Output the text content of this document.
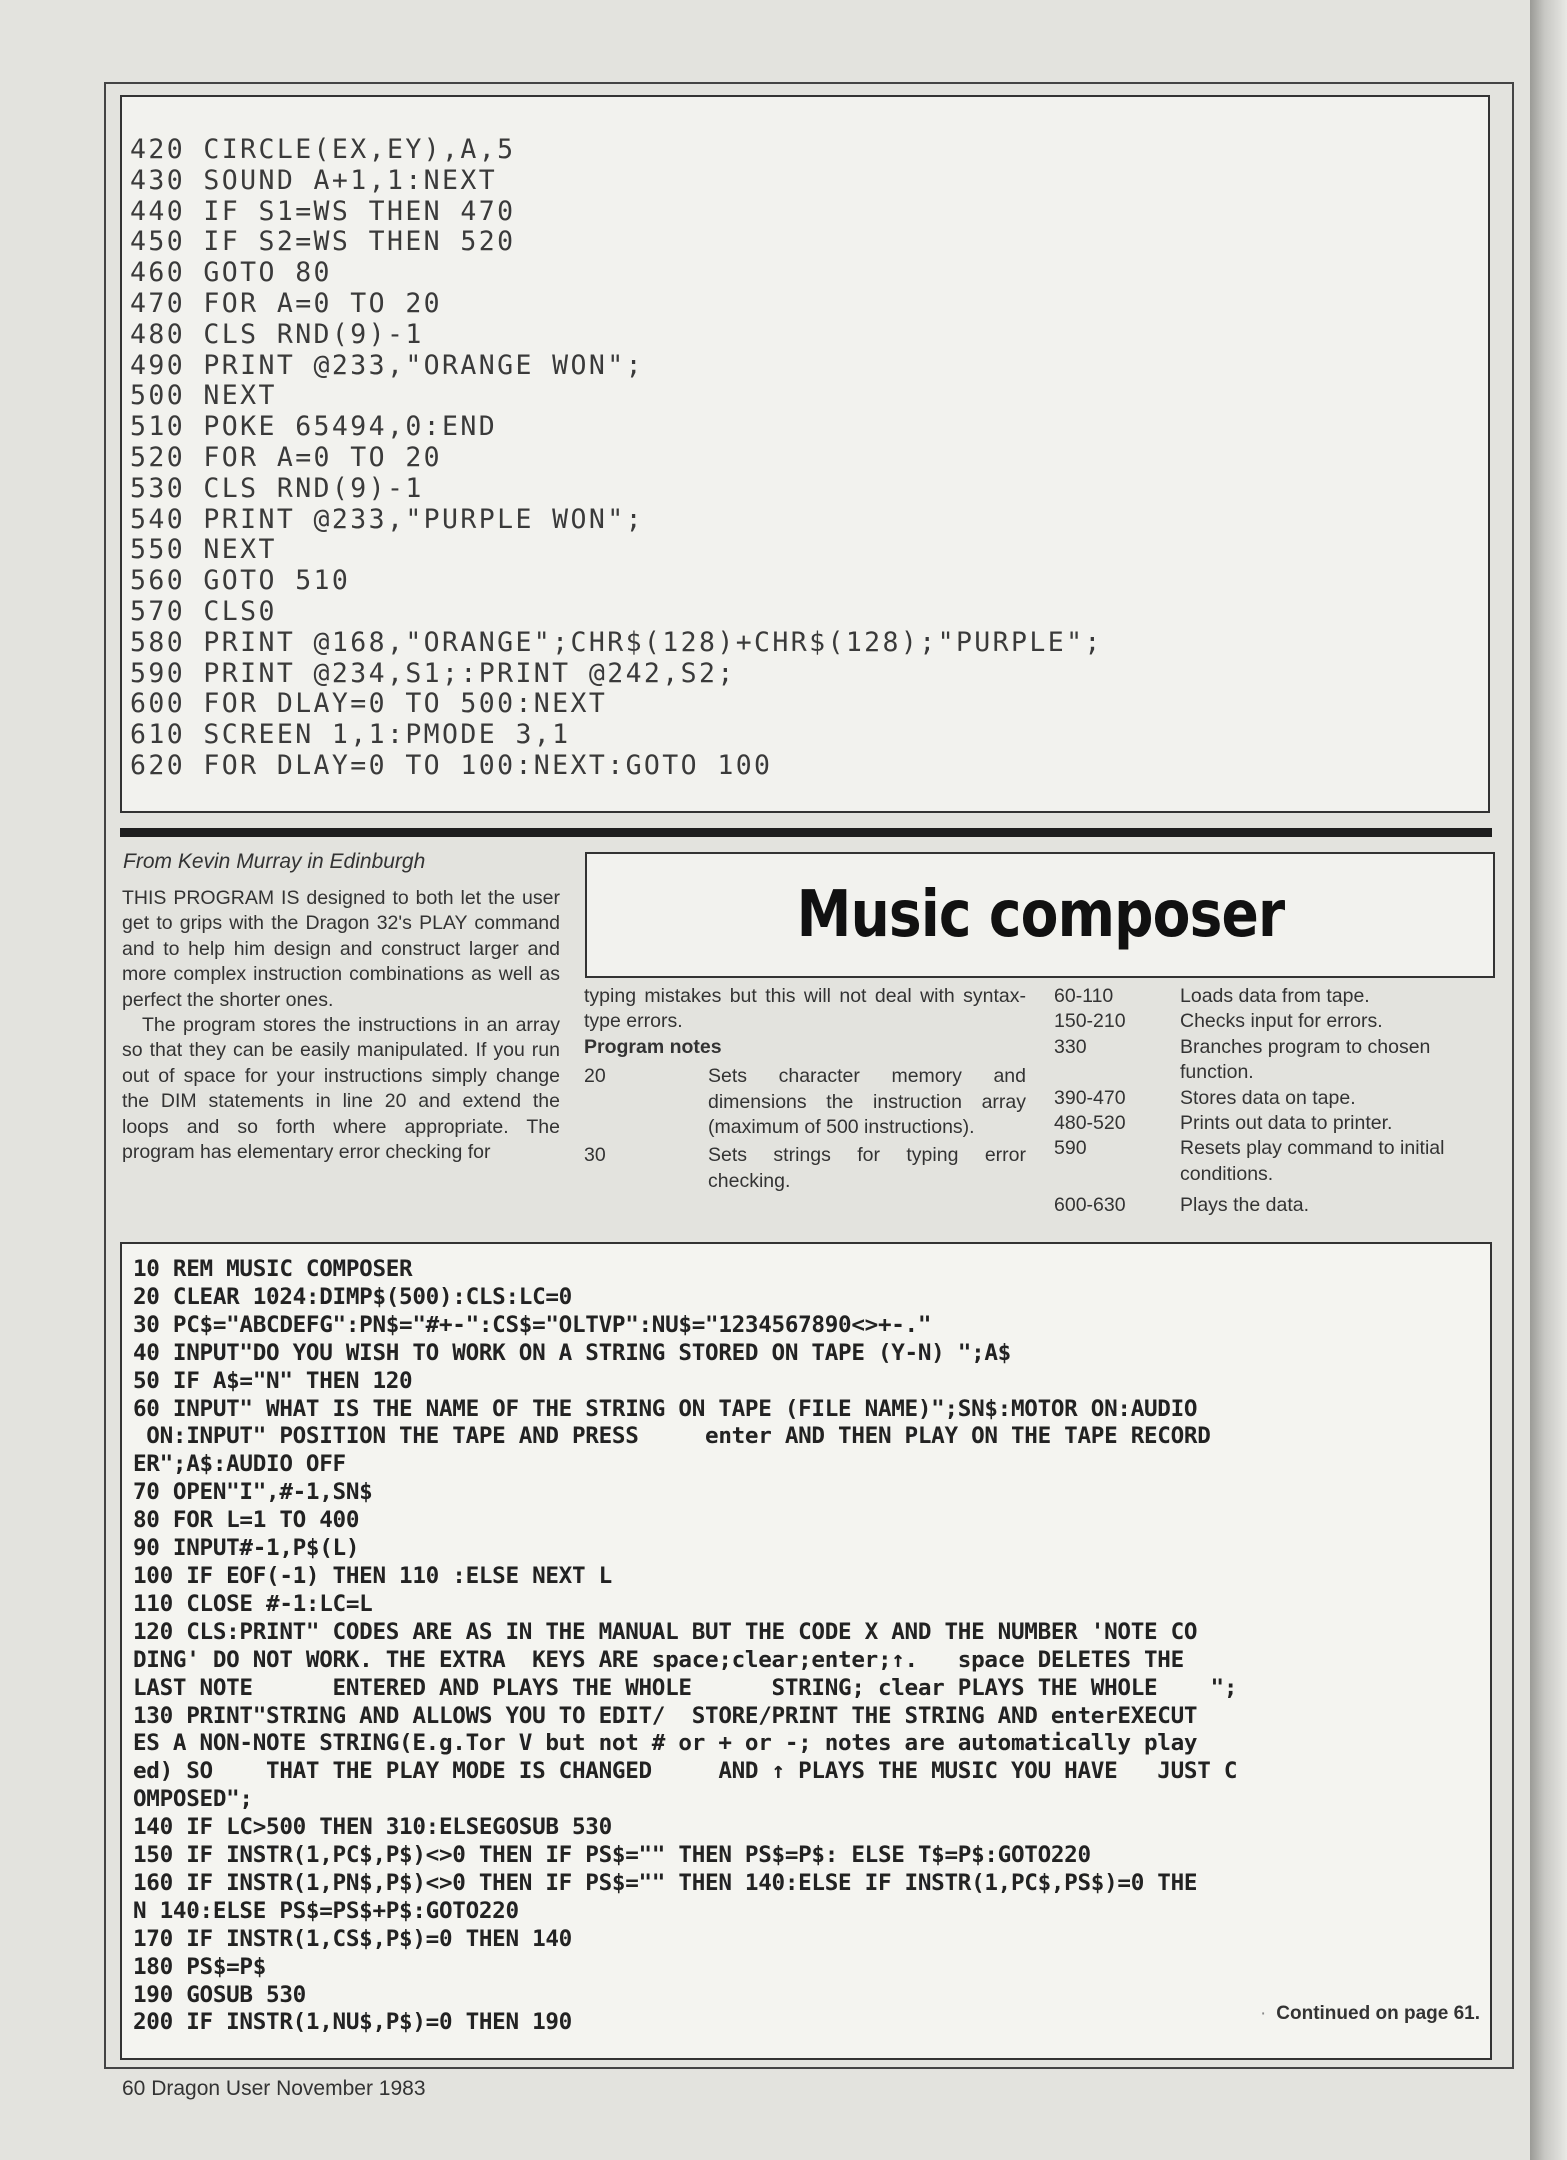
420 CIRCLE(EX,EY),A,5
430 SOUND A+1,1:NEXT
440 IF S1=WS THEN 470
450 IF S2=WS THEN 520
460 GOTO 80
470 FOR A=0 TO 20
480 CLS RND(9)-1
490 PRINT @233,"ORANGE WON";
500 NEXT
510 POKE 65494,0:END
520 FOR A=0 TO 20
530 CLS RND(9)-1
540 PRINT @233,"PURPLE WON";
550 NEXT
560 GOTO 510
570 CLS0
580 PRINT @168,"ORANGE";CHR$(128)+CHR$(128);"PURPLE";
590 PRINT @234,S1;:PRINT @242,S2;
600 FOR DLAY=0 TO 500:NEXT
610 SCREEN 1,1:PMODE 3,1
620 FOR DLAY=0 TO 100:NEXT:GOTO 100
From Kevin Murray in Edinburgh
Music composer

THIS PROGRAM IS designed to both let the user get to grips with the Dragon 32's PLAY command and to help him design and construct larger and more complex instruction combinations as well as perfect the shorter ones.

The program stores the instructions in an array so that they can be easily manipulated. If you run out of space for your instructions simply change the DIM statements in line 20 and extend the loops and so forth where appropriate. The program has elementary error checking for

typing mistakes but this will not deal with syntax-type errors.

Program notes

20	Sets character memory and dimensions the instruction array (maximum of 500 instructions).
30	Sets strings for typing error checking.
60-110	Loads data from tape.
150-210	Checks input for errors.
330	Branches program to chosen function.
390-470	Stores data on tape.
480-520	Prints out data to printer.
590	Resets play command to initial conditions.
600-630	Plays the data.
10 REM MUSIC COMPOSER
20 CLEAR 1024:DIMP$(500):CLS:LC=0
30 PC$="ABCDEFG":PN$="#+-":CS$="OLTVP":NU$="1234567890<>+-."
40 INPUT"DO YOU WISH TO WORK ON A STRING STORED ON TAPE (Y-N) ";A$
50 IF A$="N" THEN 120
60 INPUT" WHAT IS THE NAME OF THE STRING ON TAPE (FILE NAME)";SN$:MOTOR ON:AUDIO
ON:INPUT" POSITION THE TAPE AND PRESS     enter AND THEN PLAY ON THE TAPE RECORD
ER";A$:AUDIO OFF
70 OPEN"I",#-1,SN$
80 FOR L=1 TO 400
90 INPUT#-1,P$(L)
100 IF EOF(-1) THEN 110 :ELSE NEXT L
110 CLOSE #-1:LC=L
120 CLS:PRINT" CODES ARE AS IN THE MANUAL BUT THE CODE X AND THE NUMBER 'NOTE CO
DING' DO NOT WORK. THE EXTRA  KEYS ARE space;clear;enter;↑.   space DELETES THE
LAST NOTE      ENTERED AND PLAYS THE WHOLE      STRING; clear PLAYS THE WHOLE    ";
130 PRINT"STRING AND ALLOWS YOU TO EDIT/  STORE/PRINT THE STRING AND enterEXECUT
ES A NON-NOTE STRING(E.g.Tor V but not # or + or -; notes are automatically play
ed) SO    THAT THE PLAY MODE IS CHANGED     AND ↑ PLAYS THE MUSIC YOU HAVE   JUST C
OMPOSED";
140 IF LC>500 THEN 310:ELSEGOSUB 530
150 IF INSTR(1,PC$,P$)<>0 THEN IF PS$="" THEN PS$=P$: ELSE T$=P$:GOTO220
160 IF INSTR(1,PN$,P$)<>0 THEN IF PS$="" THEN 140:ELSE IF INSTR(1,PC$,PS$)=0 THE
N 140:ELSE PS$=PS$+P$:GOTO220
170 IF INSTR(1,CS$,P$)=0 THEN 140
180 PS$=P$
190 GOSUB 530
200 IF INSTR(1,NU$,P$)=0 THEN 190	· Continued on page 61.
60 Dragon User November 1983
